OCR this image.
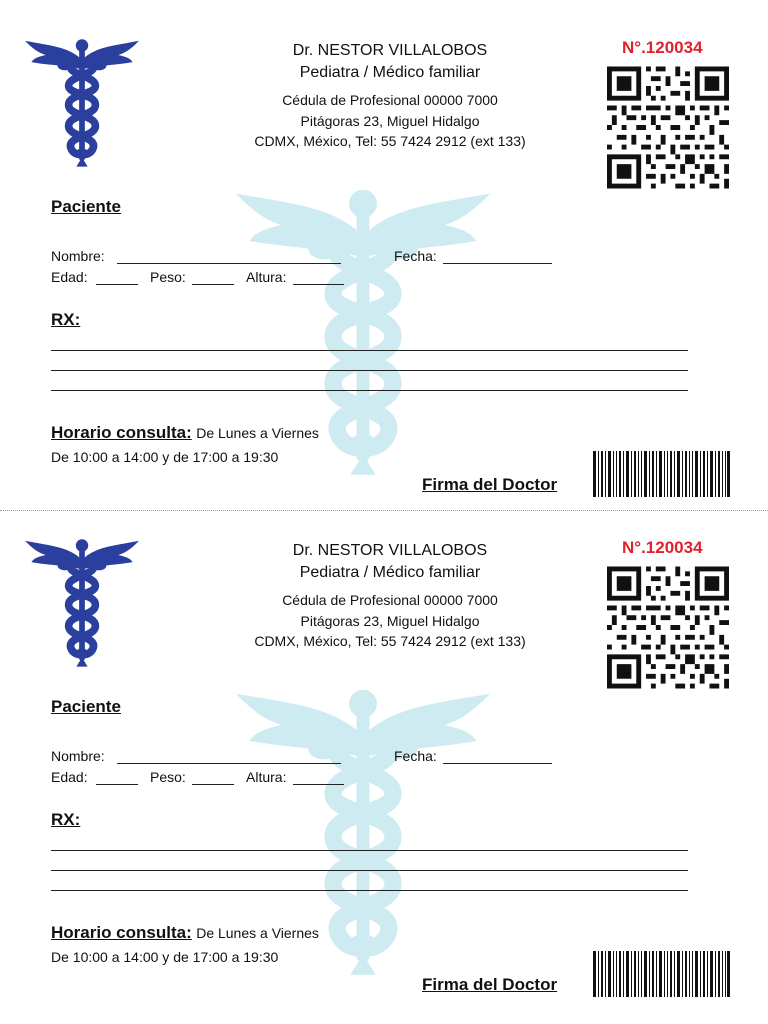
Dr. NESTOR VILLALOBOS
Pediatra / Médico familiar
Cédula de Profesional 00000 7000
Pitágoras 23, Miguel Hidalgo
CDMX, México, Tel: 55 7424 2912 (ext 133)
N°.120034
Paciente
Nombre:	Fecha:
Edad:	Peso:	Altura:
RX:
Horario consulta: De Lunes a Viernes
De 10:00 a 14:00 y de 17:00 a 19:30
Firma del Doctor
Dr. NESTOR VILLALOBOS
Pediatra / Médico familiar
Cédula de Profesional 00000 7000
Pitágoras 23, Miguel Hidalgo
CDMX, México, Tel: 55 7424 2912 (ext 133)
N°.120034
Paciente
Nombre:	Fecha:
Edad:	Peso:	Altura:
RX:
Horario consulta: De Lunes a Viernes
De 10:00 a 14:00 y de 17:00 a 19:30
Firma del Doctor
